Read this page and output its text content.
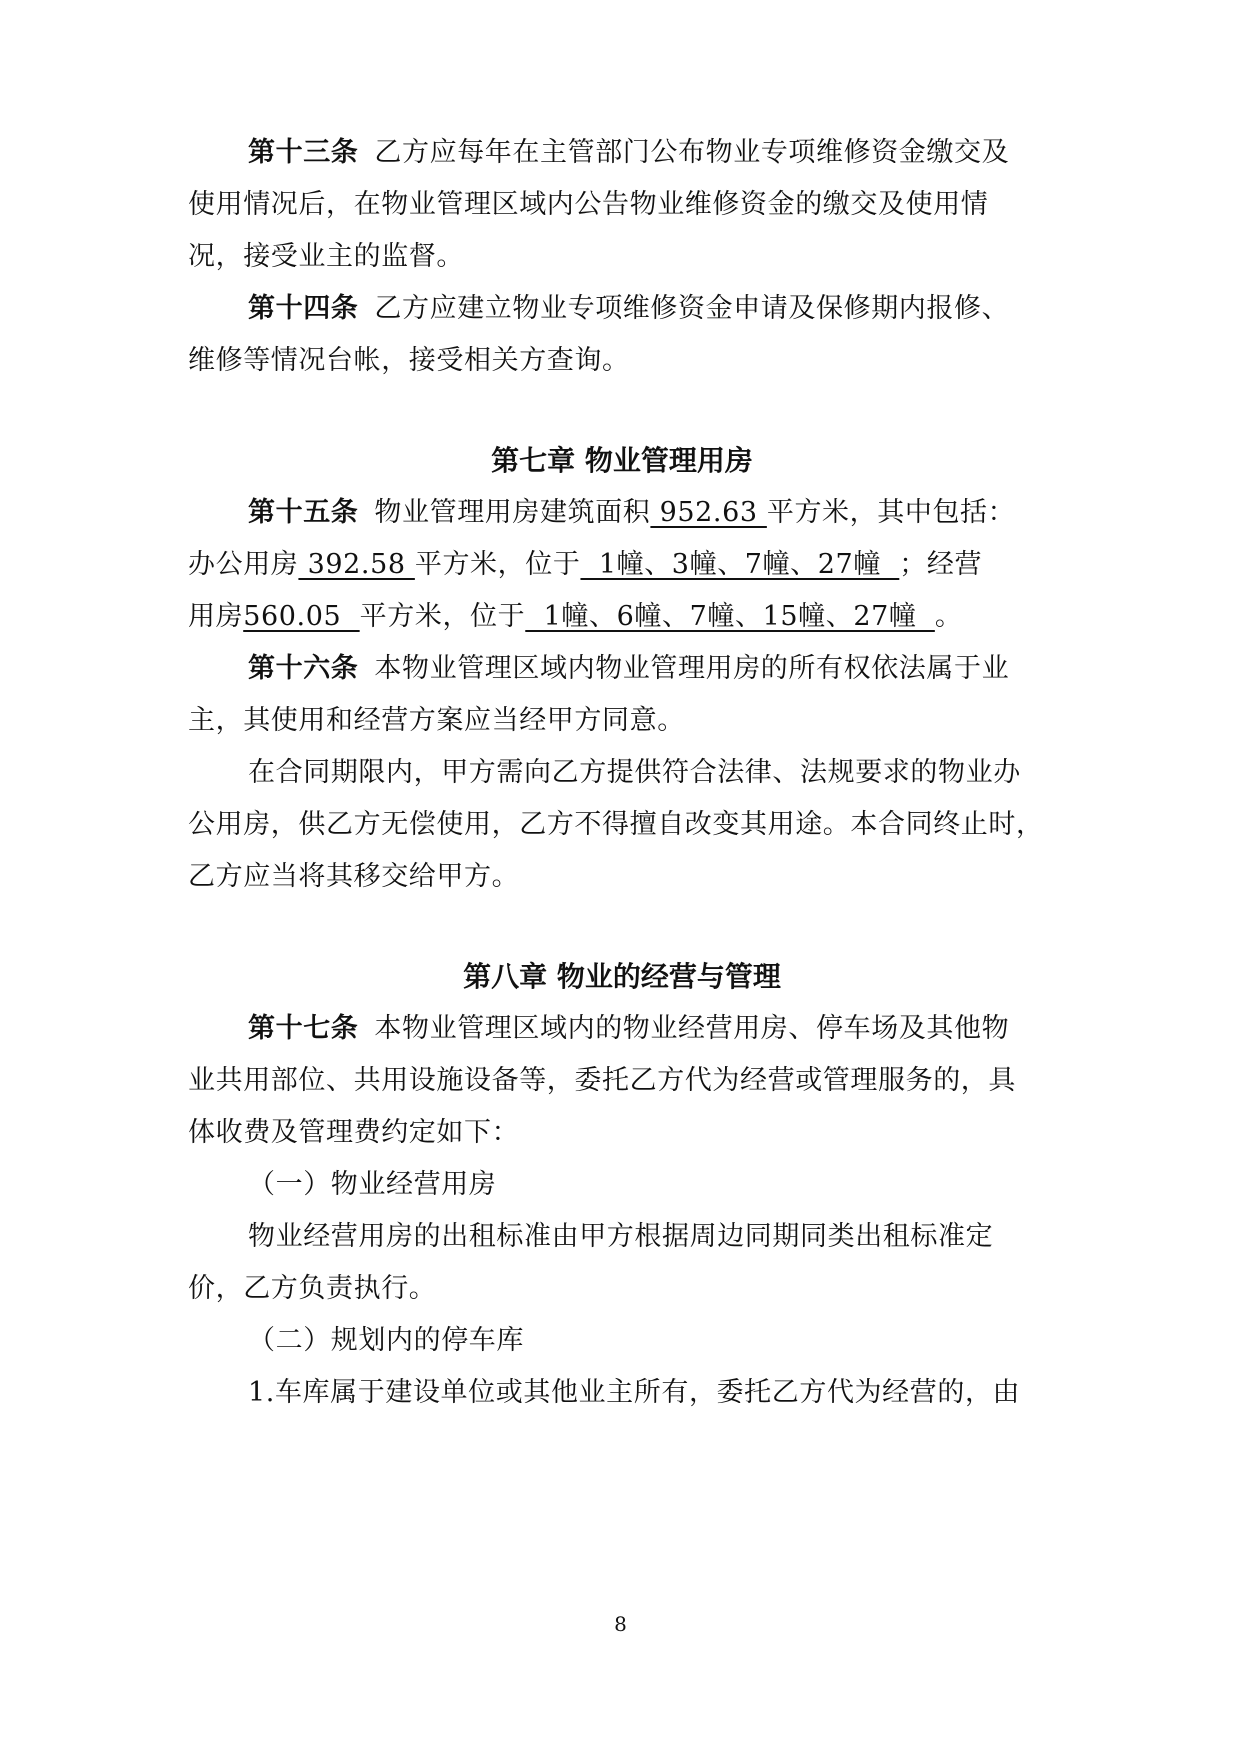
第十三条 乙方应每年在主管部门公布物业专项维修资金缴交及
使用情况后，在物业管理区域内公告物业维修资金的缴交及使用情
况，接受业主的监督。
第十四条 乙方应建立物业专项维修资金申请及保修期内报修、
维修等情况台帐，接受相关方查询。
第七章 物业管理用房
第十五条 物业管理用房建筑面积 952.63 平方米，其中包括：
办公用房 392.58 平方米，位于  1幢、3幢、7幢、27幢  ；经营
用房560.05  平方米，位于  1幢、6幢、7幢、15幢、27幢  。
第十六条 本物业管理区域内物业管理用房的所有权依法属于业
主，其使用和经营方案应当经甲方同意。
在合同期限内，甲方需向乙方提供符合法律、法规要求的物业办
公用房，供乙方无偿使用，乙方不得擅自改变其用途。本合同终止时，
乙方应当将其移交给甲方。
第八章 物业的经营与管理
第十七条 本物业管理区域内的物业经营用房、停车场及其他物
业共用部位、共用设施设备等，委托乙方代为经营或管理服务的，具
体收费及管理费约定如下：
（一）物业经营用房
物业经营用房的出租标准由甲方根据周边同期同类出租标准定
价，乙方负责执行。
（二）规划内的停车库
1.车库属于建设单位或其他业主所有，委托乙方代为经营的，由
8
